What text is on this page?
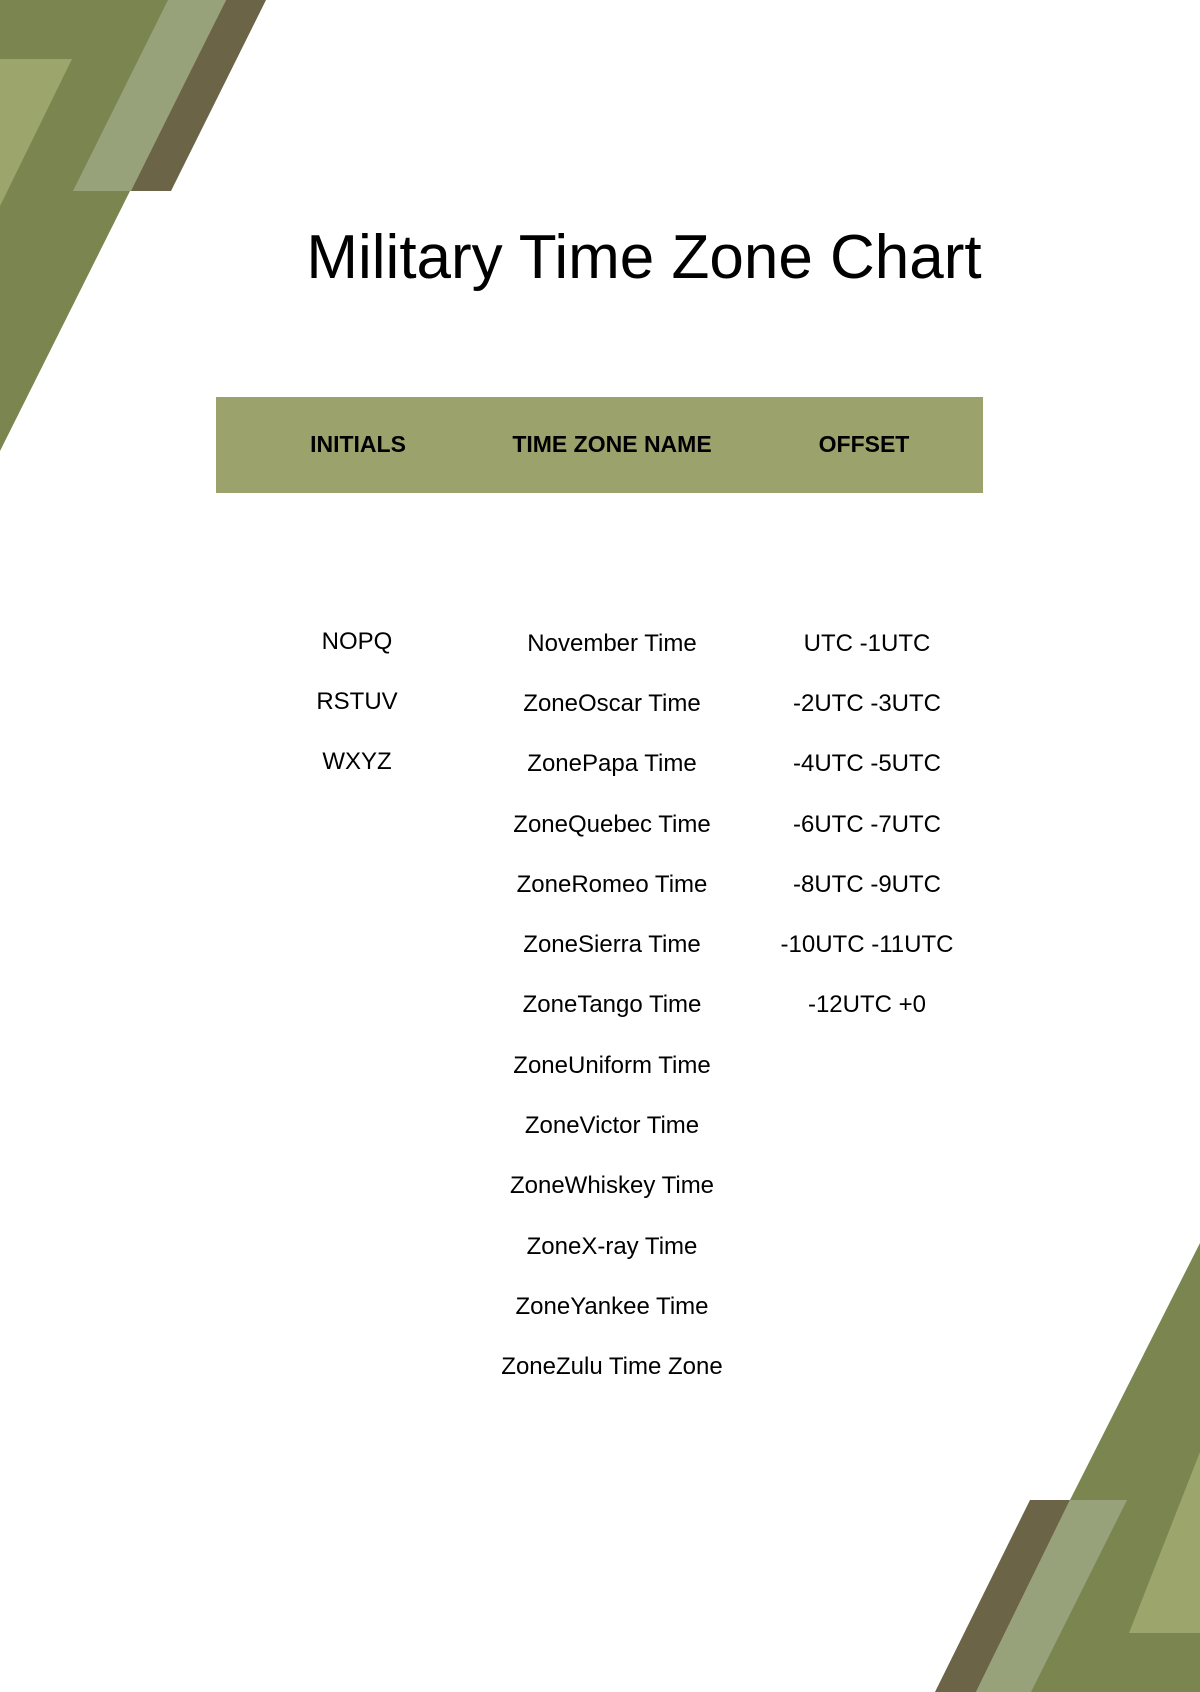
Military Time Zone Chart
INITIALS	TIME ZONE NAME	OFFSET
NOPQ
RSTUV
WXYZ
November Time
ZoneOscar Time
ZonePapa Time
ZoneQuebec Time
ZoneRomeo Time
ZoneSierra Time
ZoneTango Time
ZoneUniform Time
ZoneVictor Time
ZoneWhiskey Time
ZoneX-ray Time
ZoneYankee Time
ZoneZulu Time Zone
UTC -1UTC
-2UTC -3UTC
-4UTC -5UTC
-6UTC -7UTC
-8UTC -9UTC
-10UTC -11UTC
-12UTC +0
